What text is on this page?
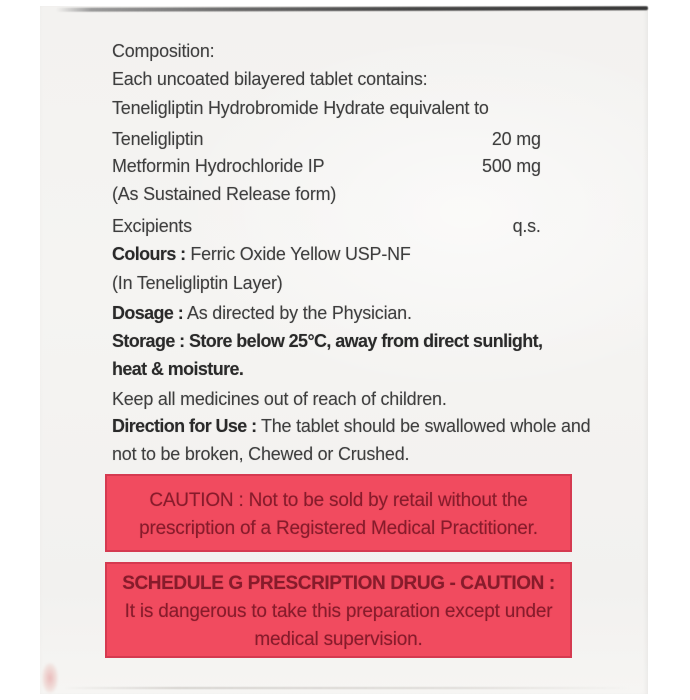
Composition:
Each uncoated bilayered tablet contains:
Teneligliptin Hydrobromide Hydrate equivalent to
Teneligliptin	20 mg
Metformin Hydrochloride IP	500 mg
(As Sustained Release form)
Excipients	q.s.
Colours : Ferric Oxide Yellow USP-NF
(In Teneligliptin Layer)
Dosage : As directed by the Physician.
Storage : Store below 25°C, away from direct sunlight,
heat & moisture.
Keep all medicines out of reach of children.
Direction for Use : The tablet should be swallowed whole and
not to be broken, Chewed or Crushed.
CAUTION : Not to be sold by retail without the
prescription of a Registered Medical Practitioner.
SCHEDULE G PRESCRIPTION DRUG - CAUTION :
It is dangerous to take this preparation except under
medical supervision.
